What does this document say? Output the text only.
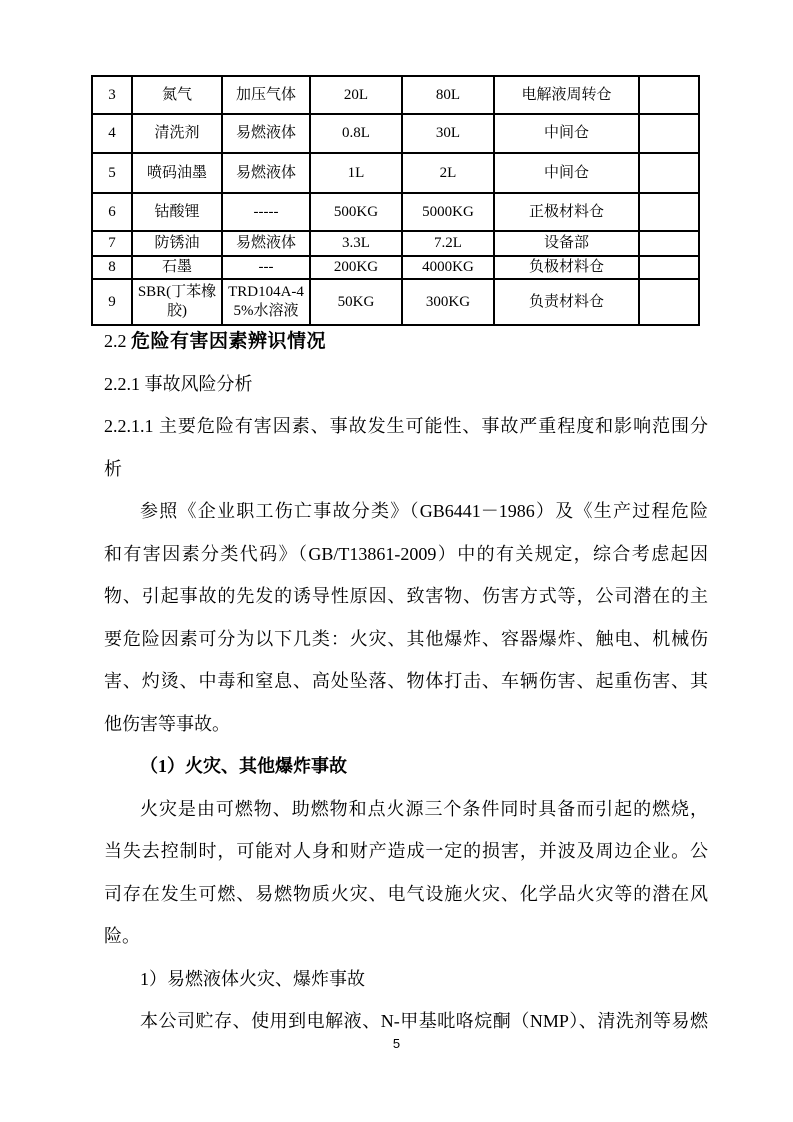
3	氮气	加压气体	20L	80L	电解液周转仓	
4	清洗剂	易燃液体	0.8L	30L	中间仓	
5	喷码油墨	易燃液体	1L	2L	中间仓	
6	钴酸锂	-----	500KG	5000KG	正极材料仓	
7	防锈油	易燃液体	3.3L	7.2L	设备部	
8	石墨	---	200KG	4000KG	负极材料仓	
9	SBR(丁苯橡胶)	TRD104A-45%水溶液	50KG	300KG	负责材料仓	
2.2 危险有害因素辨识情况
2.2.1 事故风险分析
2.2.1.1 主要危险有害因素、事故发生可能性、事故严重程度和影响范围分
析
参照《企业职工伤亡事故分类》（GB6441－1986）及《生产过程危险
和有害因素分类代码》（GB/T13861-2009）中的有关规定，综合考虑起因
物、引起事故的先发的诱导性原因、致害物、伤害方式等，公司潜在的主
要危险因素可分为以下几类：火灾、其他爆炸、容器爆炸、触电、机械伤
害、灼烫、中毒和窒息、高处坠落、物体打击、车辆伤害、起重伤害、其
他伤害等事故。
（1）火灾、其他爆炸事故
火灾是由可燃物、助燃物和点火源三个条件同时具备而引起的燃烧，
当失去控制时，可能对人身和财产造成一定的损害，并波及周边企业。公
司存在发生可燃、易燃物质火灾、电气设施火灾、化学品火灾等的潜在风
险。
1）易燃液体火灾、爆炸事故
本公司贮存、使用到电解液、N-甲基吡咯烷酮（NMP）、清洗剂等易燃
5
